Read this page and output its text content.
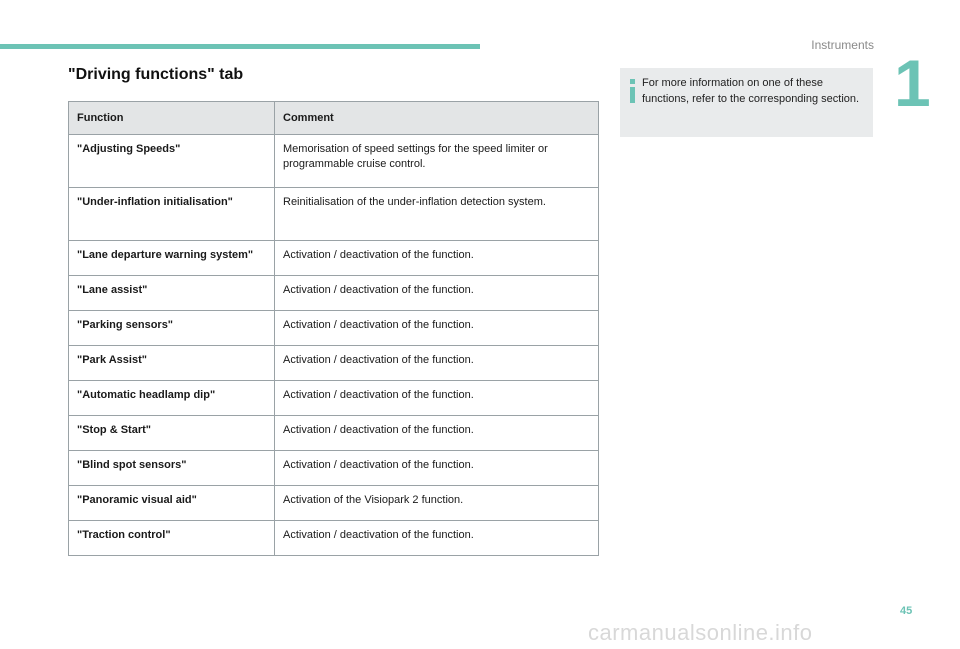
Instruments
1
"Driving functions" tab
Function	Comment
"Adjusting Speeds"	Memorisation of speed settings for the speed limiter or programmable cruise control.
"Under-inflation initialisation"	Reinitialisation of the under-inflation detection system.
"Lane departure warning system"	Activation / deactivation of the function.
"Lane assist"	Activation / deactivation of the function.
"Parking sensors"	Activation / deactivation of the function.
"Park Assist"	Activation / deactivation of the function.
"Automatic headlamp dip"	Activation / deactivation of the function.
"Stop & Start"	Activation / deactivation of the function.
"Blind spot sensors"	Activation / deactivation of the function.
"Panoramic visual aid"	Activation of the Visiopark 2 function.
"Traction control"	Activation / deactivation of the function.

For more information on one of these functions, refer to the corresponding section.

45
carmanualsonline.info
